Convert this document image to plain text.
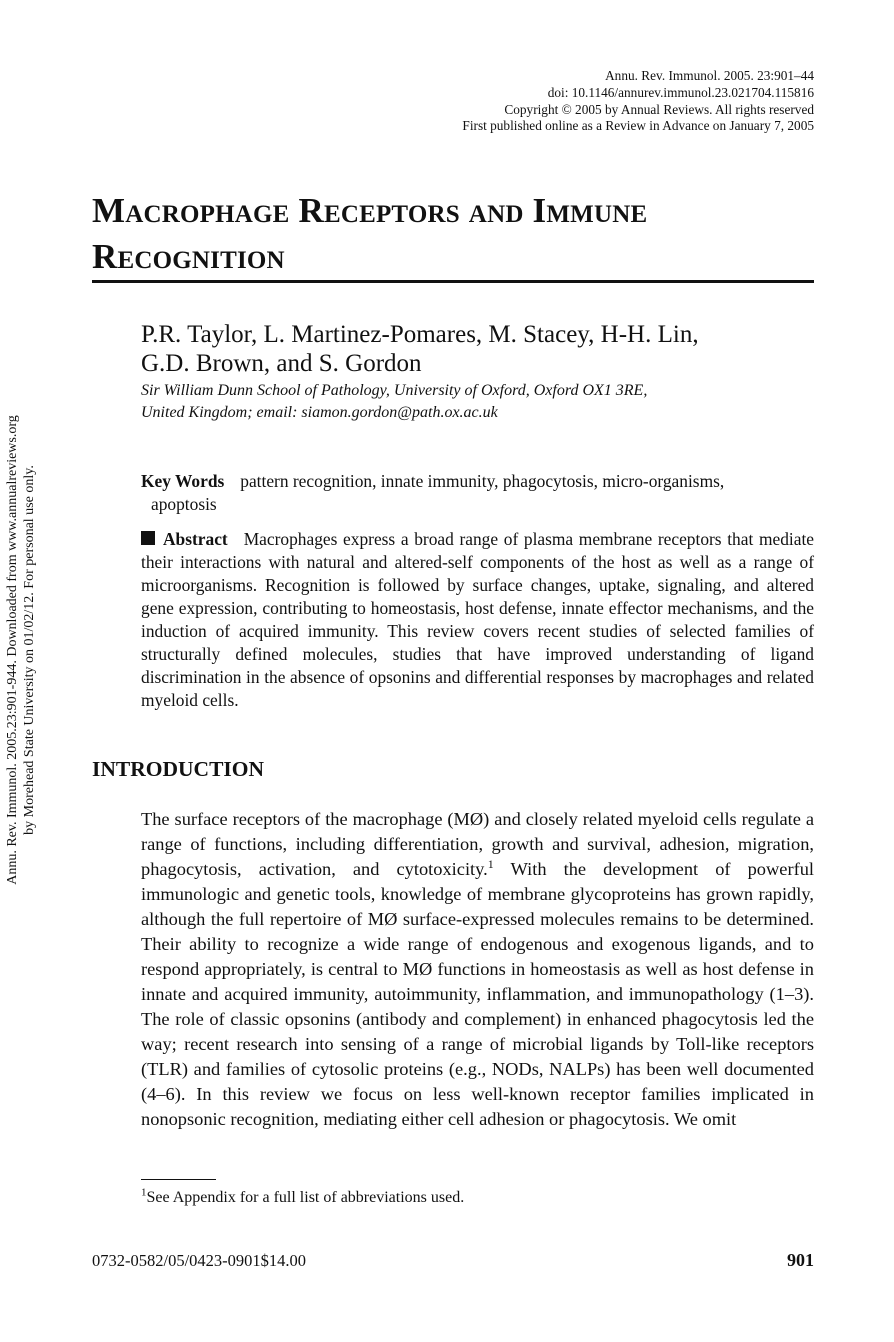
Annu. Rev. Immunol. 2005. 23:901–44
doi: 10.1146/annurev.immunol.23.021704.115816
Copyright © 2005 by Annual Reviews. All rights reserved
First published online as a Review in Advance on January 7, 2005
Annu. Rev. Immunol. 2005.23:901-944. Downloaded from www.annualreviews.org by Morehead State University on 01/02/12. For personal use only.
Macrophage Receptors and Immune
Recognition
P.R. Taylor, L. Martinez-Pomares, M. Stacey, H-H. Lin,
G.D. Brown, and S. Gordon
Sir William Dunn School of Pathology, University of Oxford, Oxford OX1 3RE,
United Kingdom; email: siamon.gordon@path.ox.ac.uk
Key Words pattern recognition, innate immunity, phagocytosis, micro-organisms,
apoptosis
Abstract Macrophages express a broad range of plasma membrane receptors that mediate their interactions with natural and altered-self components of the host as well as a range of microorganisms. Recognition is followed by surface changes, uptake, signaling, and altered gene expression, contributing to homeostasis, host defense, innate effector mechanisms, and the induction of acquired immunity. This review covers recent studies of selected families of structurally defined molecules, studies that have improved understanding of ligand discrimination in the absence of opsonins and differential responses by macrophages and related myeloid cells.
INTRODUCTION

The surface receptors of the macrophage (MØ) and closely related myeloid cells regulate a range of functions, including differentiation, growth and survival, adhesion, migration, phagocytosis, activation, and cytotoxicity.$^1$ With the development of powerful immunologic and genetic tools, knowledge of membrane glycoproteins has grown rapidly, although the full repertoire of MØ surface-expressed molecules remains to be determined. Their ability to recognize a wide range of endogenous and exogenous ligands, and to respond appropriately, is central to MØ functions in homeostasis as well as host defense in innate and acquired immunity, autoimmunity, inflammation, and immunopathology (1–3). The role of classic opsonins (antibody and complement) in enhanced phagocytosis led the way; recent research into sensing of a range of microbial ligands by Toll-like receptors (TLR) and families of cytosolic proteins (e.g., NODs, NALPs) has been well documented (4–6). In this review we focus on less well-known receptor families implicated in nonopsonic recognition, mediating either cell adhesion or phagocytosis. We omit

$^1$See Appendix for a full list of abbreviations used.
0732-0582/05/0423-0901$14.00	901
